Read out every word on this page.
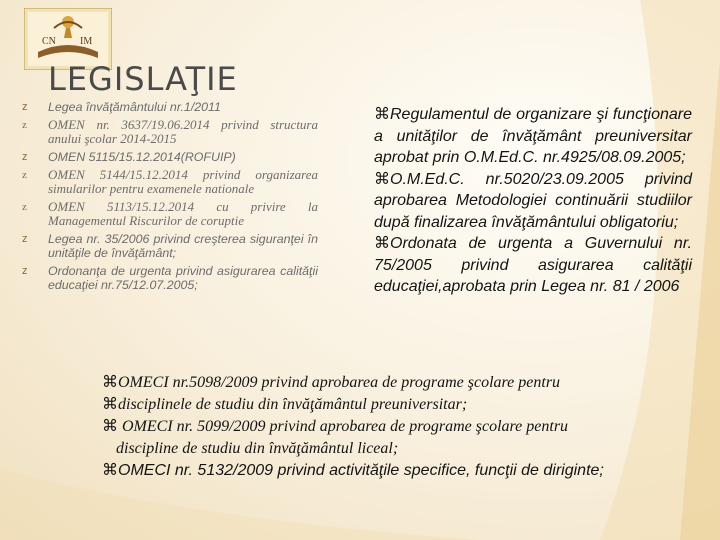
CN IM
LEGISLAŢIE
z Legea învăţământului nr.1/2011
z OMEN nr. 3637/19.06.2014 privind structura anului şcolar 2014-2015
z OMEN 5115/15.12.2014(ROFUIP)
z OMEN 5144/15.12.2014 privind organizarea simularilor pentru examenele nationale
z OMEN 5113/15.12.2014 cu privire la Managementul Riscurilor de coruptie
z Legea nr. 35/2006 privind creşterea siguranţei în unităţile de învăţământ;
z Ordonanţa de urgenta privind asigurarea calităţii educaţiei nr.75/12.07.2005;

⌘Regulamentul de organizare şi funcţionare a unităţilor de învăţământ preuniversitar aprobat prin O.M.Ed.C. nr.4925/08.09.2005;

⌘O.M.Ed.C. nr.5020/23.09.2005 privind aprobarea Metodologiei continuării studiilor după finalizarea învăţământului obligatoriu;

⌘Ordonata de urgenta a Guvernului nr. 75/2005 privind asigurarea calităţii educaţiei,aprobata prin Legea nr. 81 / 2006

⌘OMECI nr.5098/2009 privind aprobarea de programe şcolare pentru

⌘disciplinele de studiu din învăţământul preuniversitar;

⌘ OMECI nr. 5099/2009 privind aprobarea de programe şcolare pentru

discipline de studiu din învăţământul liceal;

⌘OMECI nr. 5132/2009 privind activităţile specifice, funcţii de diriginte;
